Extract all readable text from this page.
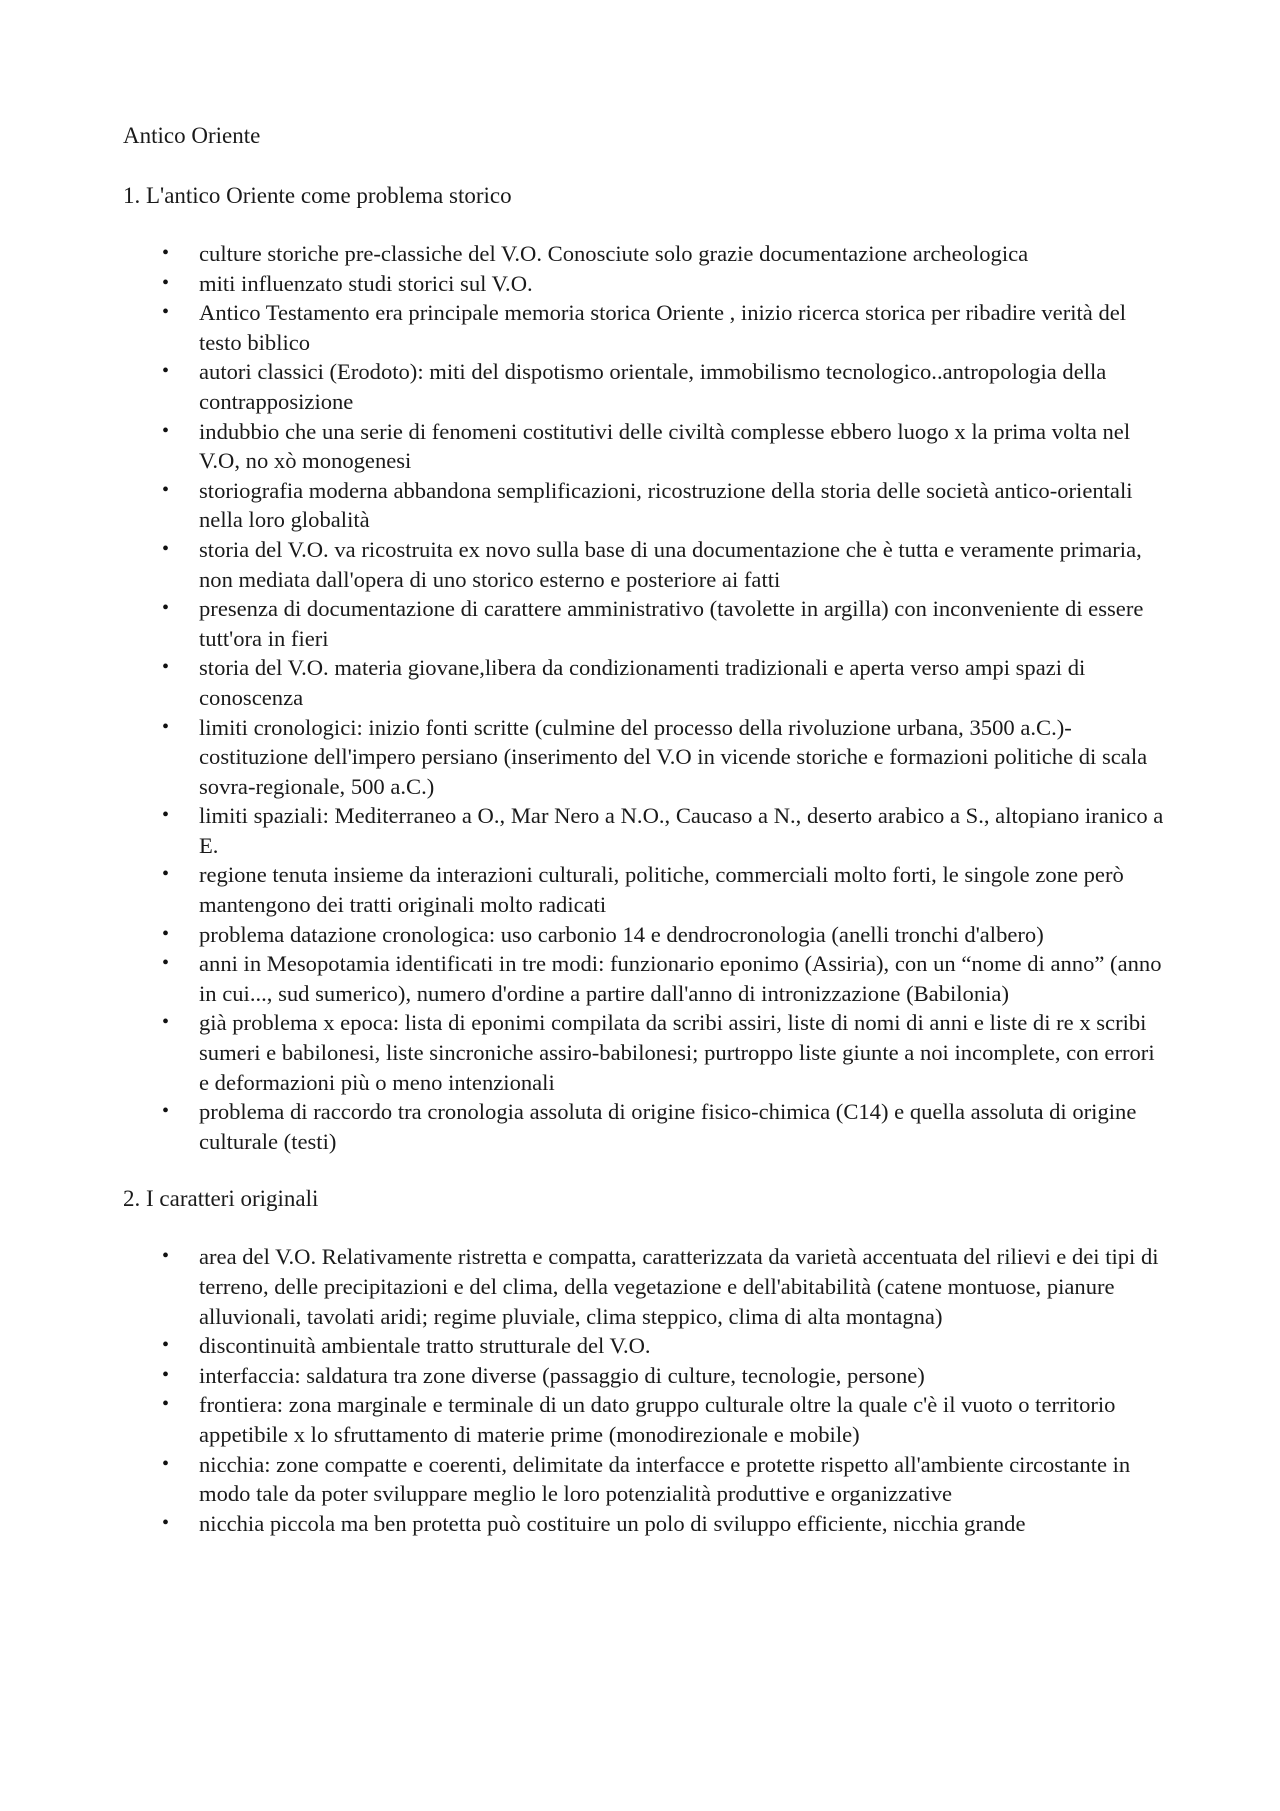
Antico Oriente
1. L'antico Oriente come problema storico
• culture storiche pre-classiche del V.O. Conosciute solo grazie documentazione archeologica
• miti influenzato studi storici sul V.O.
• Antico Testamento era principale memoria storica Oriente , inizio ricerca storica per ribadire verità del testo biblico
• autori classici (Erodoto): miti del dispotismo orientale, immobilismo tecnologico..antropologia della contrapposizione
• indubbio che una serie di fenomeni costitutivi delle civiltà complesse ebbero luogo x la prima volta nel V.O, no xò monogenesi
• storiografia moderna abbandona semplificazioni, ricostruzione della storia delle società antico-orientali nella loro globalità
• storia del V.O. va ricostruita ex novo sulla base di una documentazione che è tutta e veramente primaria, non mediata dall'opera di uno storico esterno e posteriore ai fatti
• presenza di documentazione di carattere amministrativo (tavolette in argilla) con inconveniente di essere tutt'ora in fieri
• storia del V.O. materia giovane,libera da condizionamenti tradizionali e aperta verso ampi spazi di conoscenza
• limiti cronologici: inizio fonti scritte (culmine del processo della rivoluzione urbana, 3500 a.C.)- costituzione dell'impero persiano (inserimento del V.O in vicende storiche e formazioni politiche di scala sovra-regionale, 500 a.C.)
• limiti spaziali: Mediterraneo a O., Mar Nero a N.O., Caucaso a N., deserto arabico a S., altopiano iranico a E.
• regione tenuta insieme da interazioni culturali, politiche, commerciali molto forti, le singole zone però mantengono dei tratti originali molto radicati
• problema datazione cronologica: uso carbonio 14 e dendrocronologia (anelli tronchi d'albero)
• anni in Mesopotamia identificati in tre modi: funzionario eponimo (Assiria), con un “nome di anno” (anno in cui..., sud sumerico), numero d'ordine a partire dall'anno di intronizzazione (Babilonia)
• già problema x epoca: lista di eponimi compilata da scribi assiri, liste di nomi di anni e liste di re x scribi sumeri e babilonesi, liste sincroniche assiro-babilonesi; purtroppo liste giunte a noi incomplete, con errori e deformazioni più o meno intenzionali
• problema di raccordo tra cronologia assoluta di origine fisico-chimica (C14) e quella assoluta di origine culturale (testi)
2. I caratteri originali
• area del V.O. Relativamente ristretta e compatta, caratterizzata da varietà accentuata del rilievi e dei tipi di terreno, delle precipitazioni e del clima, della vegetazione e dell'abitabilità (catene montuose, pianure alluvionali, tavolati aridi; regime pluviale, clima steppico, clima di alta montagna)
• discontinuità ambientale tratto strutturale del V.O.
• interfaccia: saldatura tra zone diverse (passaggio di culture, tecnologie, persone)
• frontiera: zona marginale e terminale di un dato gruppo culturale oltre la quale c'è il vuoto o territorio appetibile x lo sfruttamento di materie prime (monodirezionale e mobile)
• nicchia: zone compatte e coerenti, delimitate da interfacce e protette rispetto all'ambiente circostante in modo tale da poter sviluppare meglio le loro potenzialità produttive e organizzative
• nicchia piccola ma ben protetta può costituire un polo di sviluppo efficiente, nicchia grande
